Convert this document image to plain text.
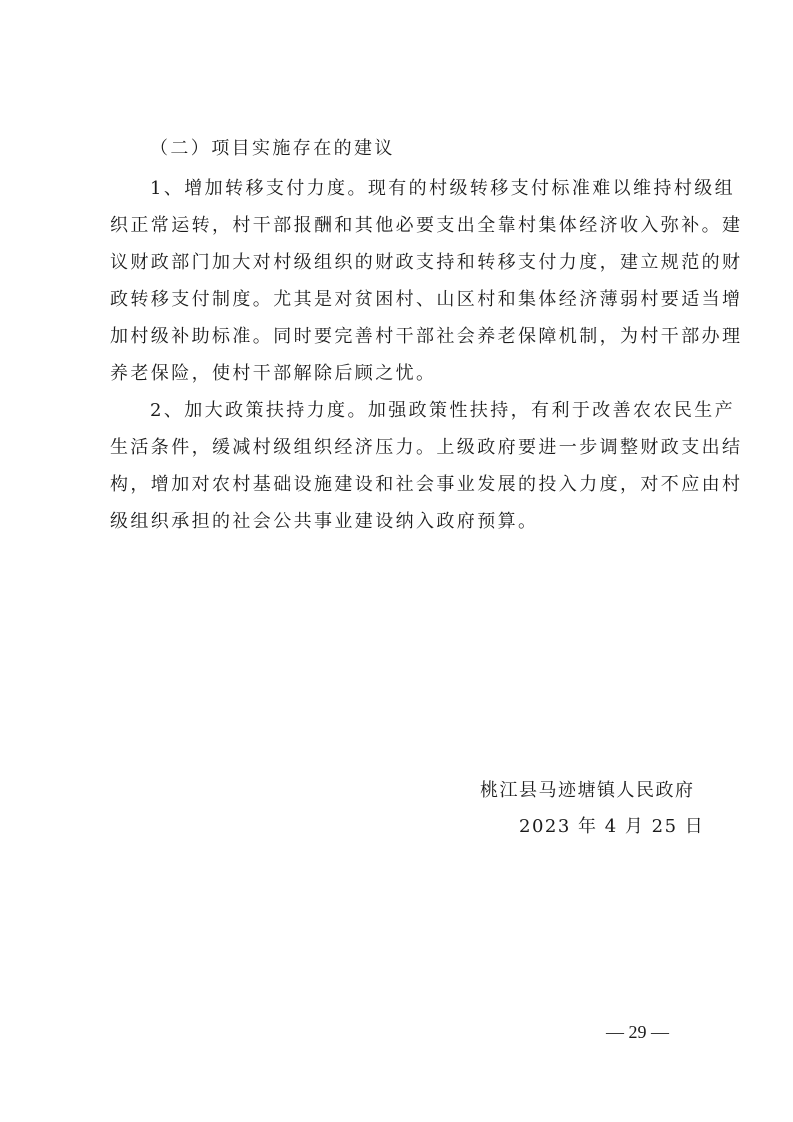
（二）项目实施存在的建议
1、增加转移支付力度。现有的村级转移支付标准难以维持村级组
织正常运转，村干部报酬和其他必要支出全靠村集体经济收入弥补。建
议财政部门加大对村级组织的财政支持和转移支付力度，建立规范的财
政转移支付制度。尤其是对贫困村、山区村和集体经济薄弱村要适当增
加村级补助标准。同时要完善村干部社会养老保障机制，为村干部办理
养老保险，使村干部解除后顾之忧。
2、加大政策扶持力度。加强政策性扶持，有利于改善农农民生产
生活条件，缓减村级组织经济压力。上级政府要进一步调整财政支出结
构，增加对农村基础设施建设和社会事业发展的投入力度，对不应由村
级组织承担的社会公共事业建设纳入政府预算。
桃江县马迹塘镇人民政府
2023 年 4 月 25 日
— 29 —
